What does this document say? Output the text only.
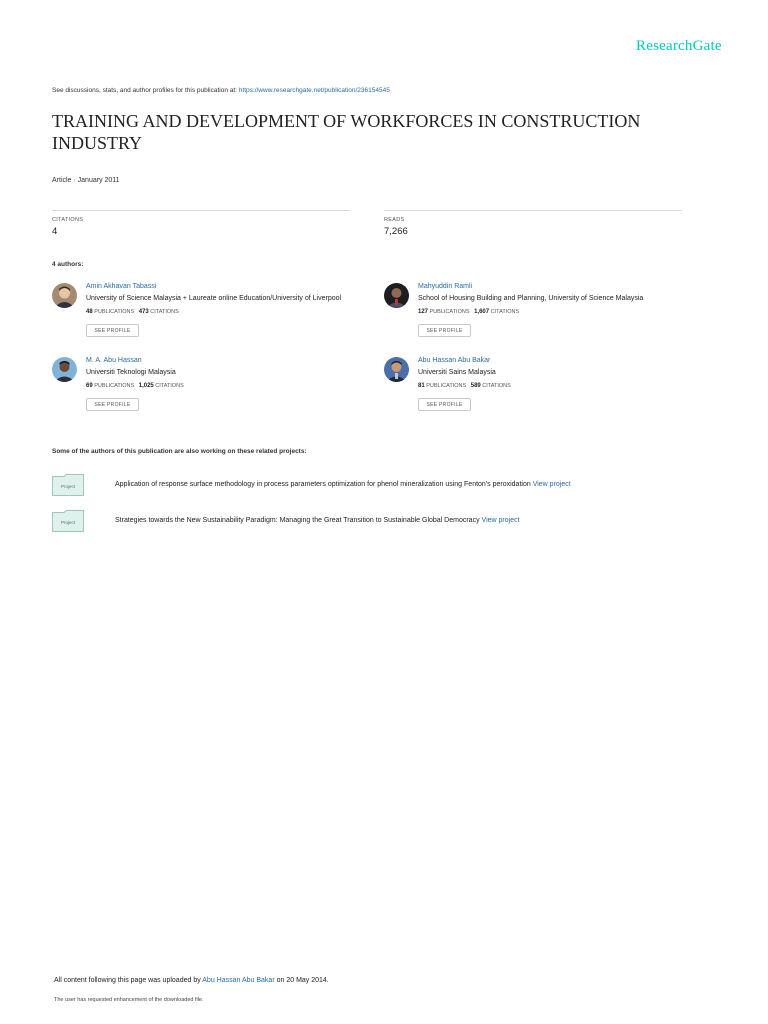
ResearchGate
See discussions, stats, and author profiles for this publication at: https://www.researchgate.net/publication/236154545
TRAINING AND DEVELOPMENT OF WORKFORCES IN CONSTRUCTION INDUSTRY
Article · January 2011
CITATIONS
4
READS
7,266
4 authors:
Amin Akhavan Tabassi
University of Science Malaysia + Laureate online Education/University of Liverpool
48 PUBLICATIONS 473 CITATIONS
SEE PROFILE
Mahyuddin Ramli
School of Housing Building and Planning, University of Science Malaysia
127 PUBLICATIONS 1,607 CITATIONS
SEE PROFILE
M. A. Abu Hassan
Universiti Teknologi Malaysia
69 PUBLICATIONS 1,025 CITATIONS
SEE PROFILE
Abu Hassan Abu Bakar
Universiti Sains Malaysia
81 PUBLICATIONS 589 CITATIONS
SEE PROFILE
Some of the authors of this publication are also working on these related projects:
Project	Application of response surface methodology in process parameters optimization for phenol mineralization using Fenton's peroxidation View project
Project	Strategies towards the New Sustainability Paradigm: Managing the Great Transition to Sustainable Global Democracy View project
All content following this page was uploaded by Abu Hassan Abu Bakar on 20 May 2014.
The user has requested enhancement of the downloaded file.
